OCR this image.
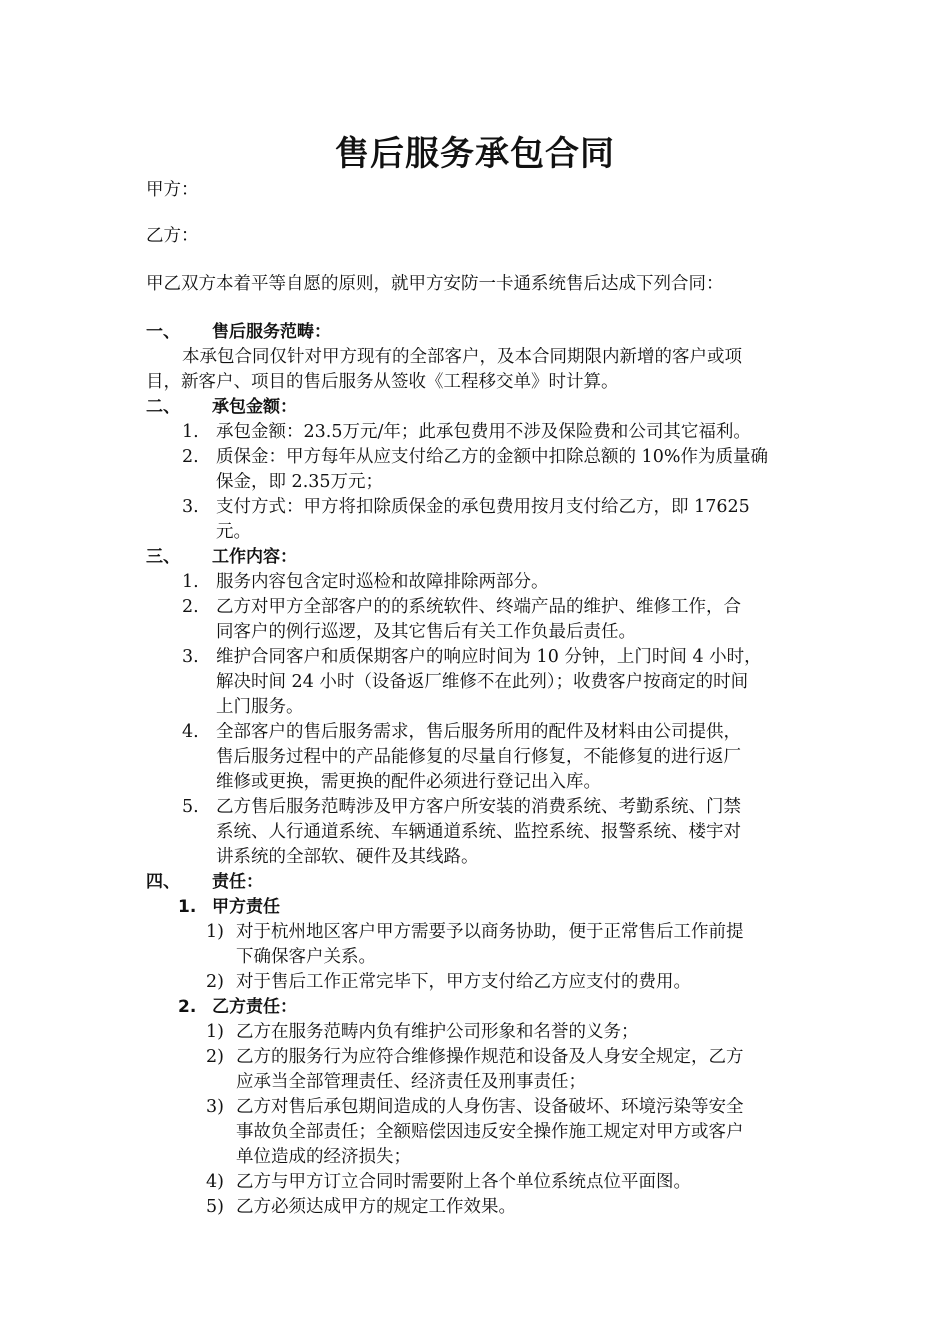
售后服务承包合同
甲方：
乙方：
甲乙双方本着平等自愿的原则，就甲方安防一卡通系统售后达成下列合同：
一、 售后服务范畴：
本承包合同仅针对甲方现有的全部客户，及本合同期限内新增的客户或项
目，新客户、项目的售后服务从签收《工程移交单》时计算。
二、 承包金额：
1. 承包金额：23.5万元/年；此承包费用不涉及保险费和公司其它福利。
2. 质保金：甲方每年从应支付给乙方的金额中扣除总额的 10%作为质量确
保金，即 2.35万元；
3. 支付方式：甲方将扣除质保金的承包费用按月支付给乙方，即 17625
元。
三、 工作内容：
1. 服务内容包含定时巡检和故障排除两部分。
2. 乙方对甲方全部客户的的系统软件、终端产品的维护、维修工作，合
同客户的例行巡逻，及其它售后有关工作负最后责任。
3. 维护合同客户和质保期客户的响应时间为 10 分钟，上门时间 4 小时，
解决时间 24 小时（设备返厂维修不在此列）；收费客户按商定的时间
上门服务。
4. 全部客户的售后服务需求，售后服务所用的配件及材料由公司提供，
售后服务过程中的产品能修复的尽量自行修复，不能修复的进行返厂
维修或更换，需更换的配件必须进行登记出入库。
5. 乙方售后服务范畴涉及甲方客户所安装的消费系统、考勤系统、门禁
系统、人行通道系统、车辆通道系统、监控系统、报警系统、楼宇对
讲系统的全部软、硬件及其线路。
四、 责任：
1. 甲方责任
1) 对于杭州地区客户甲方需要予以商务协助，便于正常售后工作前提
下确保客户关系。
2) 对于售后工作正常完毕下，甲方支付给乙方应支付的费用。
2. 乙方责任：
1) 乙方在服务范畴内负有维护公司形象和名誉的义务；
2) 乙方的服务行为应符合维修操作规范和设备及人身安全规定，乙方
应承当全部管理责任、经济责任及刑事责任；
3) 乙方对售后承包期间造成的人身伤害、设备破坏、环境污染等安全
事故负全部责任；全额赔偿因违反安全操作施工规定对甲方或客户
单位造成的经济损失；
4) 乙方与甲方订立合同时需要附上各个单位系统点位平面图。
5) 乙方必须达成甲方的规定工作效果。
